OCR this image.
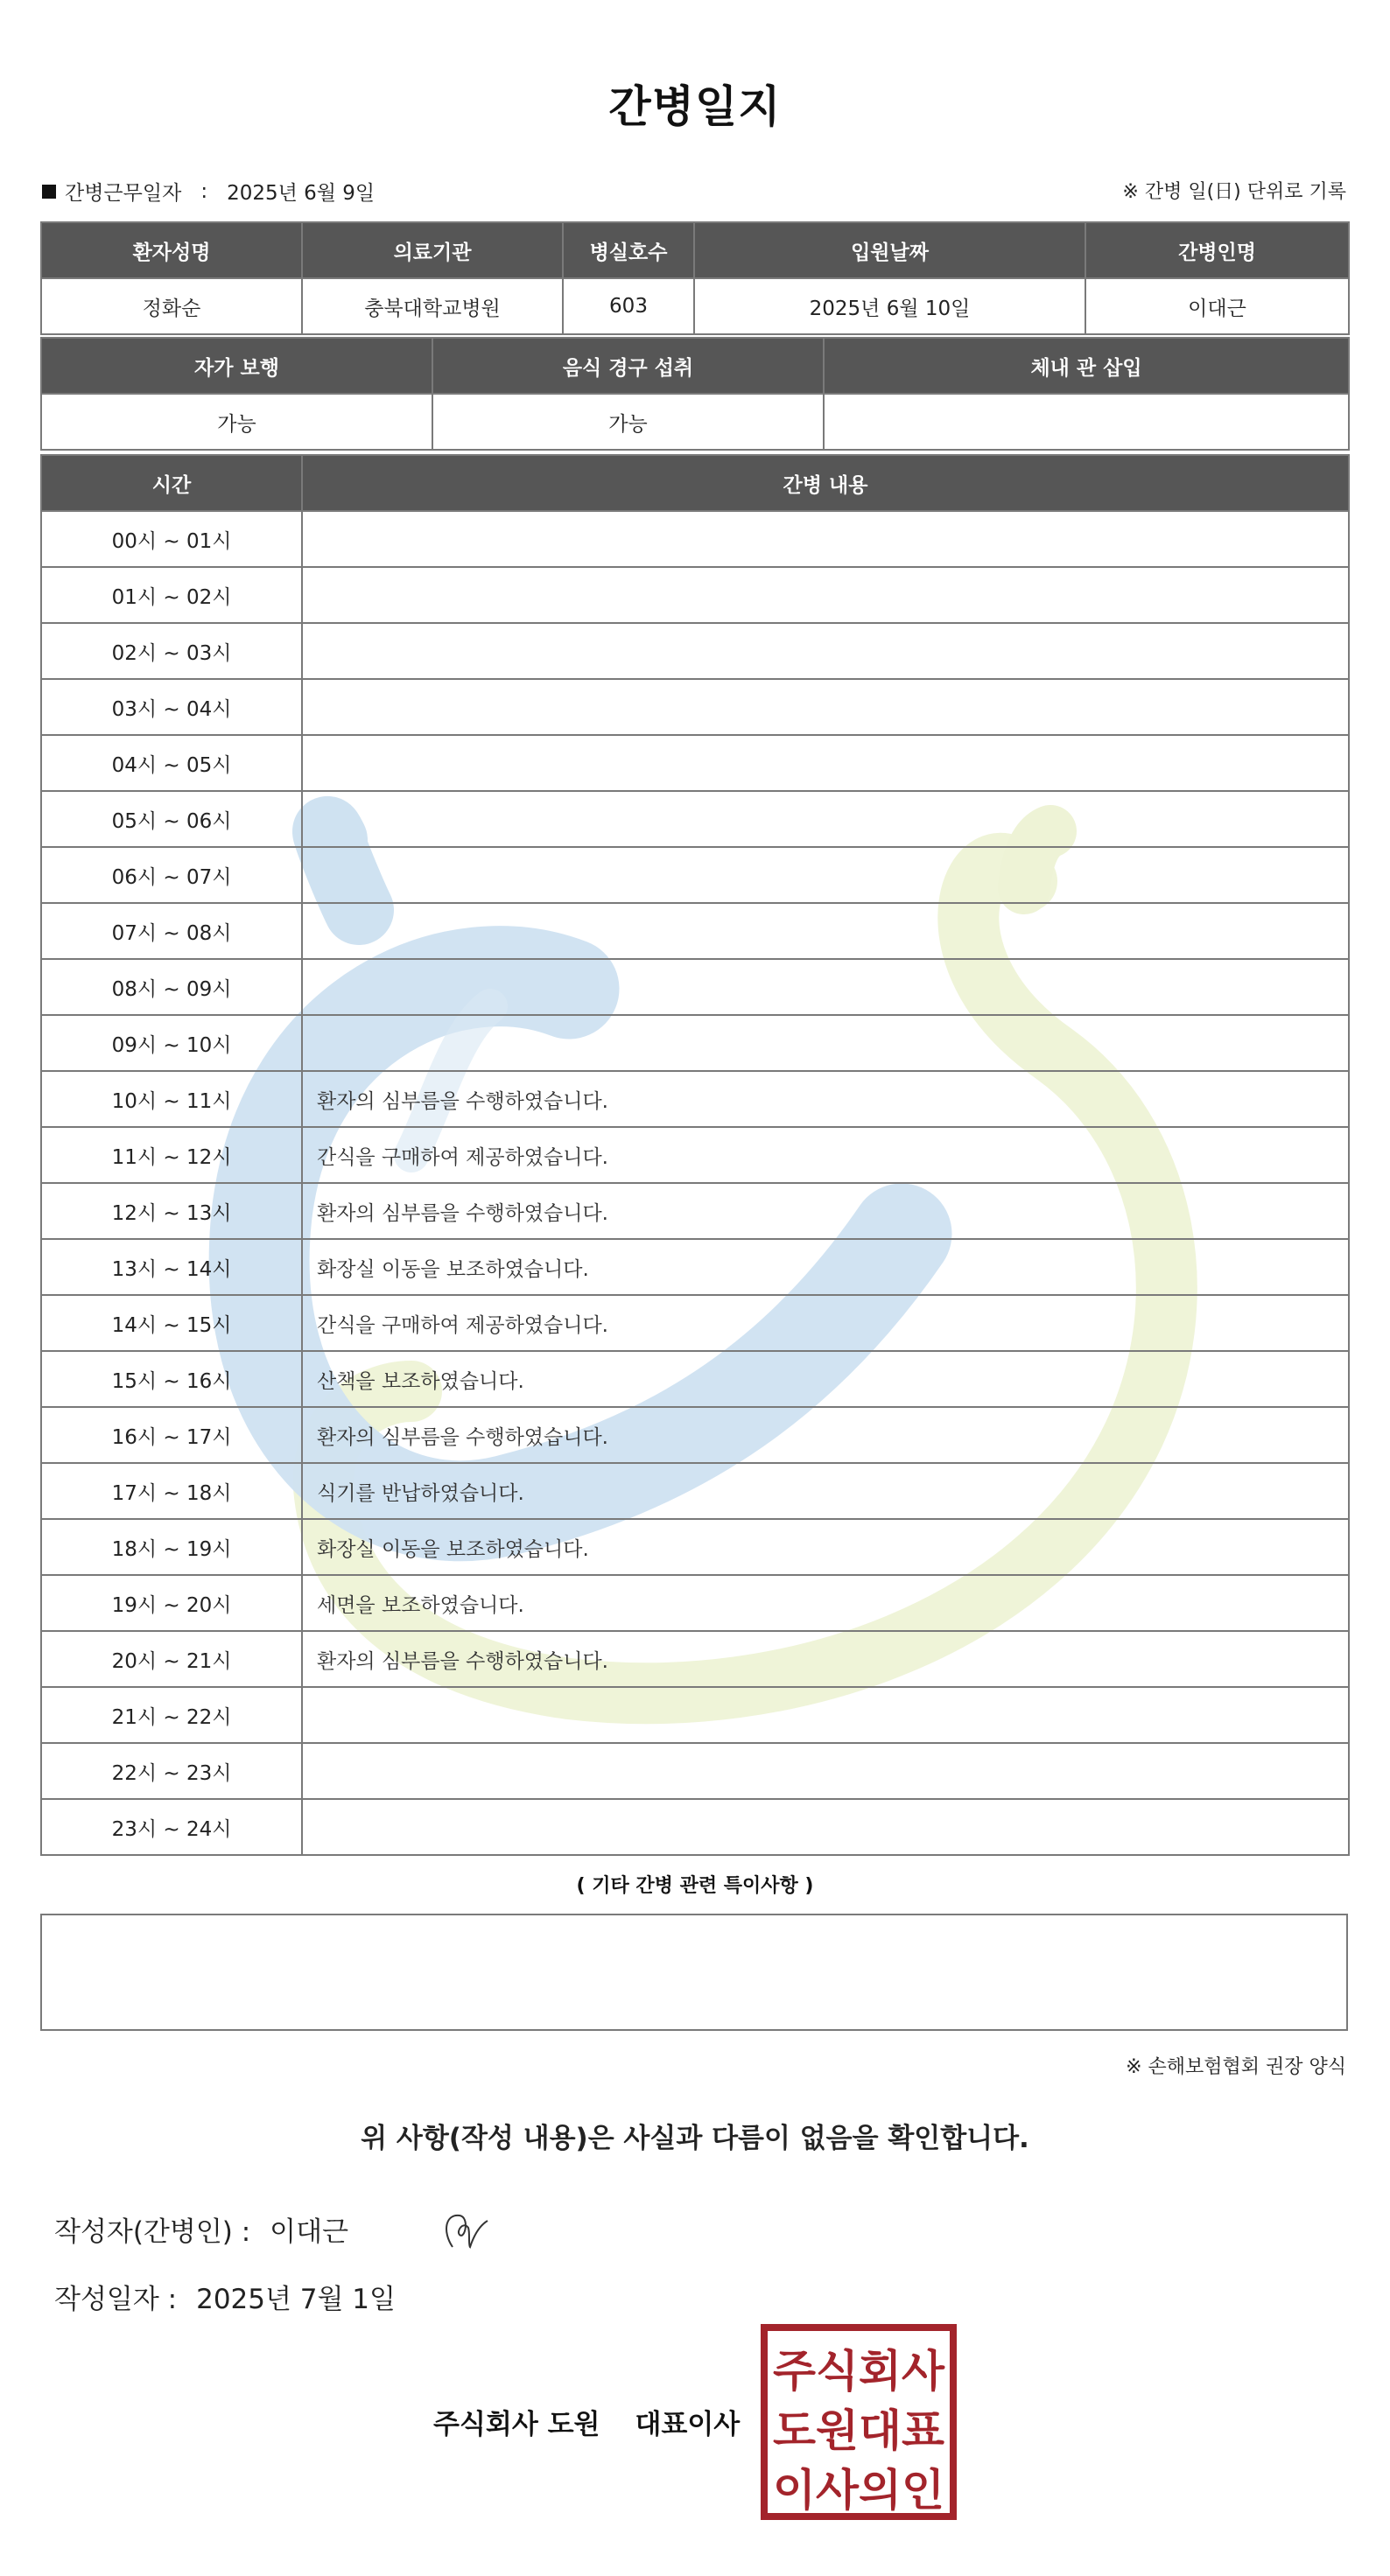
간병일지
간병근무일자 : 2025년 6월 9일	※ 간병 일(日) 단위로 기록
환자성명	의료기관	병실호수	입원날짜	간병인명
정화순	충북대학교병원	603	2025년 6월 10일	이대근
자가 보행	음식 경구 섭취	체내 관 삽입
가능	가능	
시간	간병 내용
00시 ~ 01시	
01시 ~ 02시	
02시 ~ 03시	
03시 ~ 04시	
04시 ~ 05시	
05시 ~ 06시	
06시 ~ 07시	
07시 ~ 08시	
08시 ~ 09시	
09시 ~ 10시	
10시 ~ 11시	환자의 심부름을 수행하였습니다.
11시 ~ 12시	간식을 구매하여 제공하였습니다.
12시 ~ 13시	환자의 심부름을 수행하였습니다.
13시 ~ 14시	화장실 이동을 보조하였습니다.
14시 ~ 15시	간식을 구매하여 제공하였습니다.
15시 ~ 16시	산책을 보조하였습니다.
16시 ~ 17시	환자의 심부름을 수행하였습니다.
17시 ~ 18시	식기를 반납하였습니다.
18시 ~ 19시	화장실 이동을 보조하였습니다.
19시 ~ 20시	세면을 보조하였습니다.
20시 ~ 21시	환자의 심부름을 수행하였습니다.
21시 ~ 22시	
22시 ~ 23시	
23시 ~ 24시	
( 기타 간병 관련 특이사항 )
※ 손해보험협회 권장 양식
위 사항(작성 내용)은 사실과 다름이 없음을 확인합니다.
작성자(간병인) : 이대근
작성일자 : 2025년 7월 1일
주식회사 도원 대표이사
주식회사
도원대표
이사의인
